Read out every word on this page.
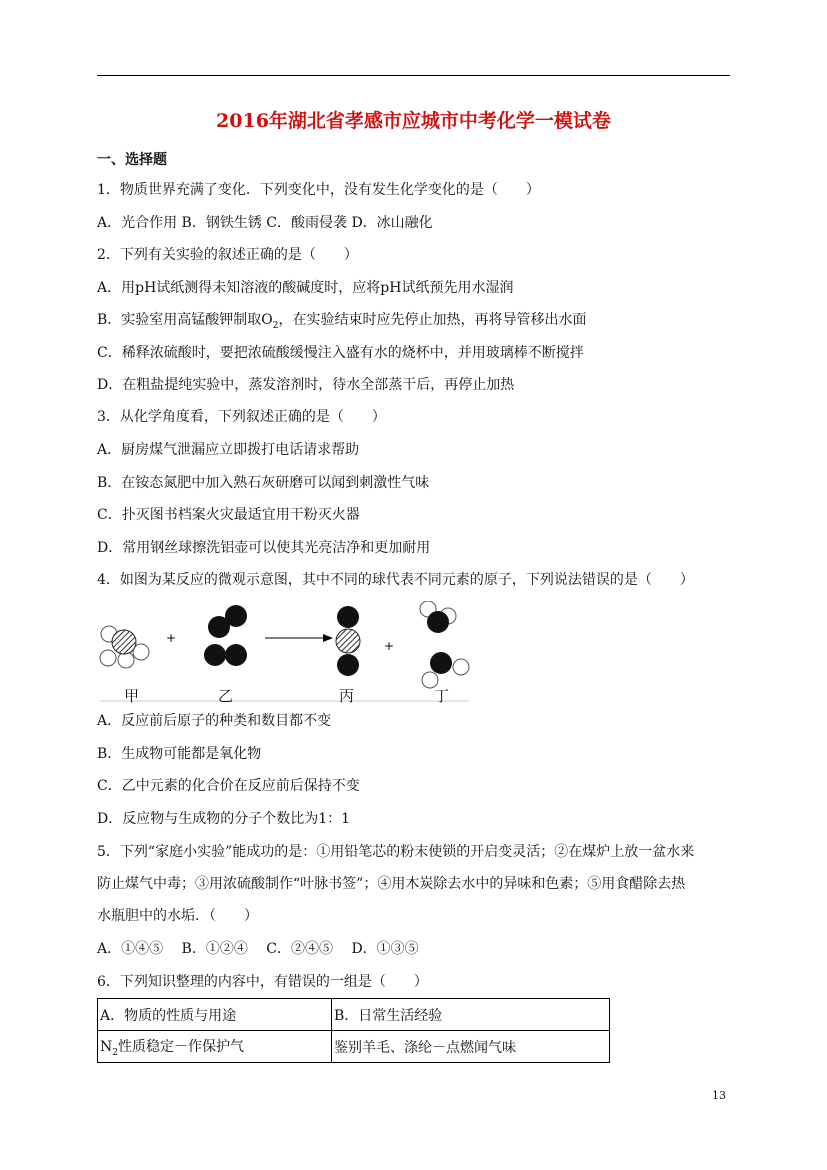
2016年湖北省孝感市应城市中考化学一模试卷
一、选择题
1．物质世界充满了变化．下列变化中，没有发生化学变化的是（　　）
A．光合作用 B．钢铁生锈 C．酸雨侵袭 D．冰山融化
2．下列有关实验的叙述正确的是（　　）
A．用pH试纸测得未知溶液的酸碱度时，应将pH试纸预先用水湿润
B．实验室用高锰酸钾制取$O_2$，在实验结束时应先停止加热，再将导管移出水面
C．稀释浓硫酸时，要把浓硫酸缓慢注入盛有水的烧杯中，并用玻璃棒不断搅拌
D．在粗盐提纯实验中，蒸发溶剂时，待水全部蒸干后，再停止加热
3．从化学角度看，下列叙述正确的是（　　）
A．厨房煤气泄漏应立即拨打电话请求帮助
B．在铵态氮肥中加入熟石灰研磨可以闻到刺激性气味
C．扑灭图书档案火灾最适宜用干粉灭火器
D．常用钢丝球擦洗铝壶可以使其光亮洁净和更加耐用
4．如图为某反应的微观示意图，其中不同的球代表不同元素的原子，下列说法错误的是（　　）
+
+
甲	乙	丙	丁
A．反应前后原子的种类和数目都不变
B．生成物可能都是氧化物
C．乙中元素的化合价在反应前后保持不变
D．反应物与生成物的分子个数比为1：1
5．下列“家庭小实验”能成功的是：①用铅笔芯的粉末使锁的开启变灵活；②在煤炉上放一盆水来
防止煤气中毒；③用浓硫酸制作“叶脉书签”；④用木炭除去水中的异味和色素；⑤用食醋除去热
水瓶胆中的水垢．（　　）
A．①④⑤　 B．①②④　 C．②④⑤　 D．①③⑤
6．下列知识整理的内容中，有错误的一组是（　　）
A．物质的性质与用途	B．日常生活经验
$N_2$性质稳定－作保护气	鉴别羊毛、涤纶－点燃闻气味
13
